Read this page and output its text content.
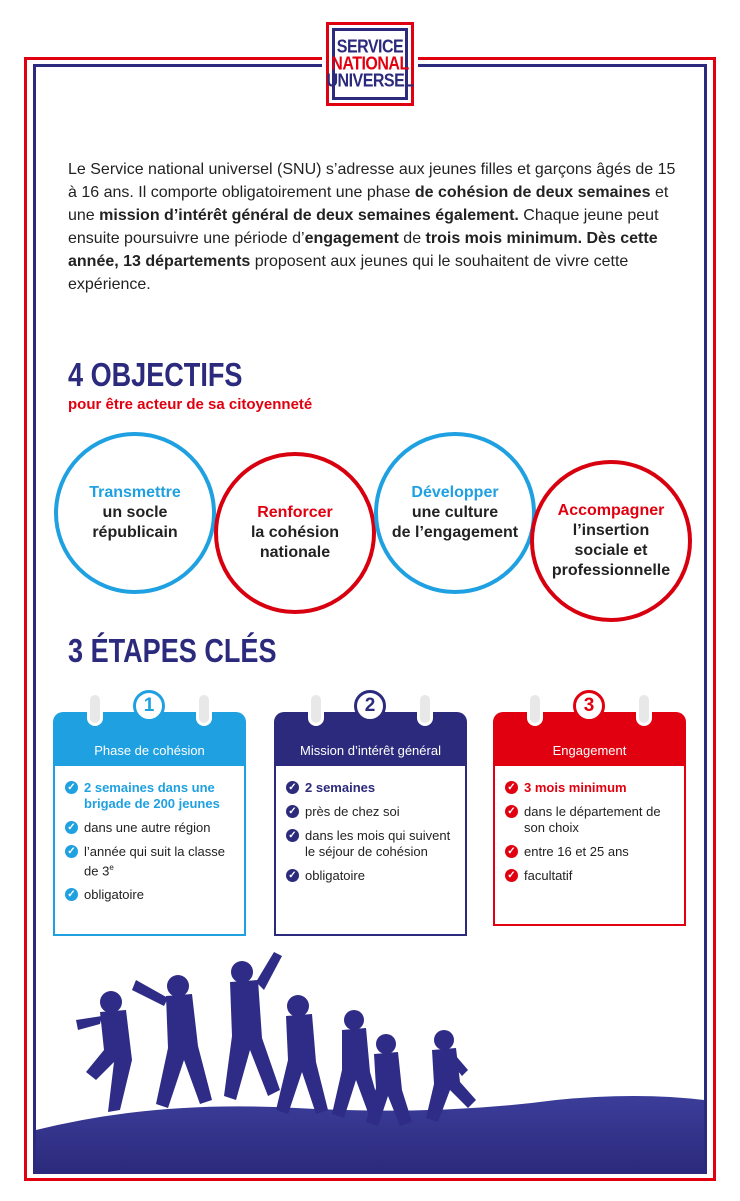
SERVICE
NATIONAL
UNIVERSEL
Le Service national universel (SNU) s’adresse aux jeunes filles et garçons âgés de 15 à 16 ans. Il comporte obligatoirement une phase de cohésion de deux semaines et une mission d’intérêt général de deux semaines également. Chaque jeune peut ensuite poursuivre une période d’engagement de trois mois minimum. Dès cette année, 13 départements proposent aux jeunes qui le souhaitent de vivre cette expérience.
4 OBJECTIFS
pour être acteur de sa citoyenneté
Transmettre
un socle
républicain
Renforcer
la cohésion
nationale
Développer
une culture
de l’engagement
Accompagner
l’insertion
sociale et
professionnelle
3 ÉTAPES CLÉS
Phase de cohésion
1
✓ 2 semaines dans une brigade de 200 jeunes
✓ dans une autre région
✓ l’année qui suit la classe de 3e
✓ obligatoire
Mission d’intérêt général
2
✓ 2 semaines
✓ près de chez soi
✓ dans les mois qui suivent le séjour de cohésion
✓ obligatoire
Engagement
3
✓ 3 mois minimum
✓ dans le département de son choix
✓ entre 16 et 25 ans
✓ facultatif
